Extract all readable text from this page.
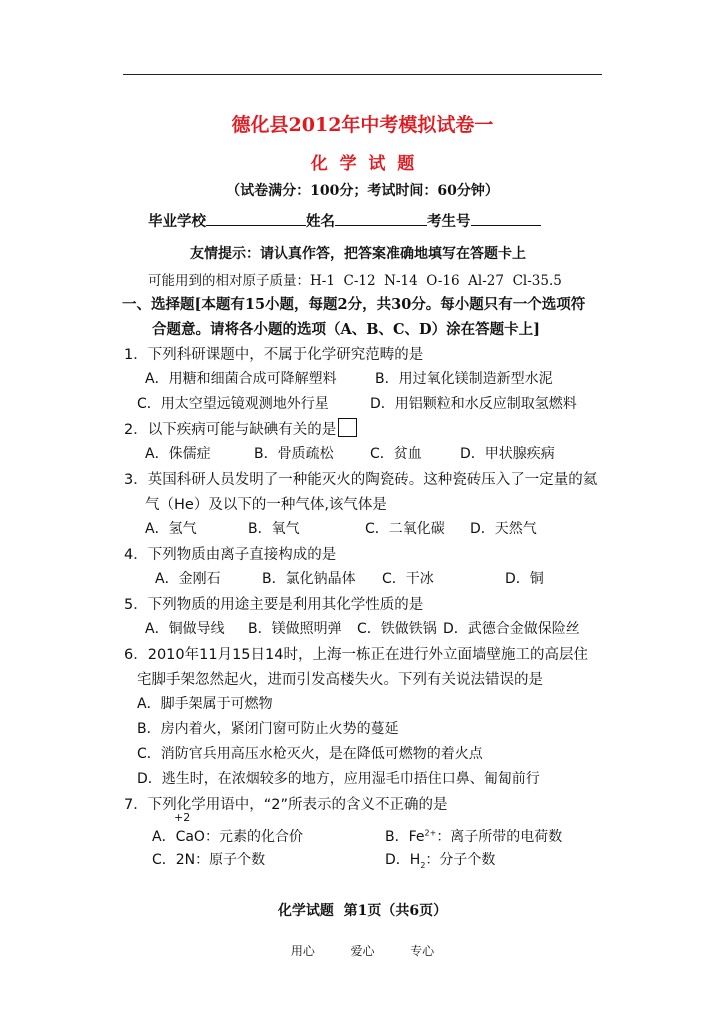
德化县2012年中考模拟试卷一
化  学  试  题
（试卷满分：100分；考试时间：60分钟）
毕业学校	姓名	考生号
友情提示：请认真作答，把答案准确地填写在答题卡上
可能用到的相对原子质量：H-1  C-12  N-14  O-16  Al-27  Cl-35.5
一、选择题[本题有15小题，每题2分，共30分。每小题只有一个选项符
合题意。请将各小题的选项（A、B、C、D）涂在答题卡上]
1．下列科研课题中，不属于化学研究范畴的是
A．用糖和细菌合成可降解塑料	B．用过氧化镁制造新型水泥
C．用太空望远镜观测地外行星	D．用铝颗粒和水反应制取氢燃料
2．以下疾病可能与缺碘有关的是
A．侏儒症	B．骨质疏松	C．贫血	D．甲状腺疾病
3．英国科研人员发明了一种能灭火的陶瓷砖。这种瓷砖压入了一定量的氦
气（He）及以下的一种气体,该气体是
A．氢气	B．氧气	C．二氧化碳 D．天然气
4．下列物质由离子直接构成的是
A．金刚石	B．氯化钠晶体 C．干冰	D．铜
5．下列物质的用途主要是利用其化学性质的是
A．铜做导线 B．镁做照明弹 C．铁做铁锅 D．武德合金做保险丝
6．2010年11月15日14时，上海一栋正在进行外立面墙壁施工的高层住
宅脚手架忽然起火，进而引发高楼失火。下列有关说法错误的是
A．脚手架属于可燃物
B．房内着火，紧闭门窗可防止火势的蔓延
C．消防官兵用高压水枪灭火，是在降低可燃物的着火点
D．逃生时，在浓烟较多的地方，应用湿毛巾捂住口鼻、匍匐前行
7．下列化学用语中，“2”所表示的含义不正确的是
+2
A．CaO：元素的化合价	B．$Fe^{2+}$：离子所带的电荷数
C．2N：原子个数	D．$H_2$：分子个数
化学试题  第1页（共6页）
用心	爱心	专心
